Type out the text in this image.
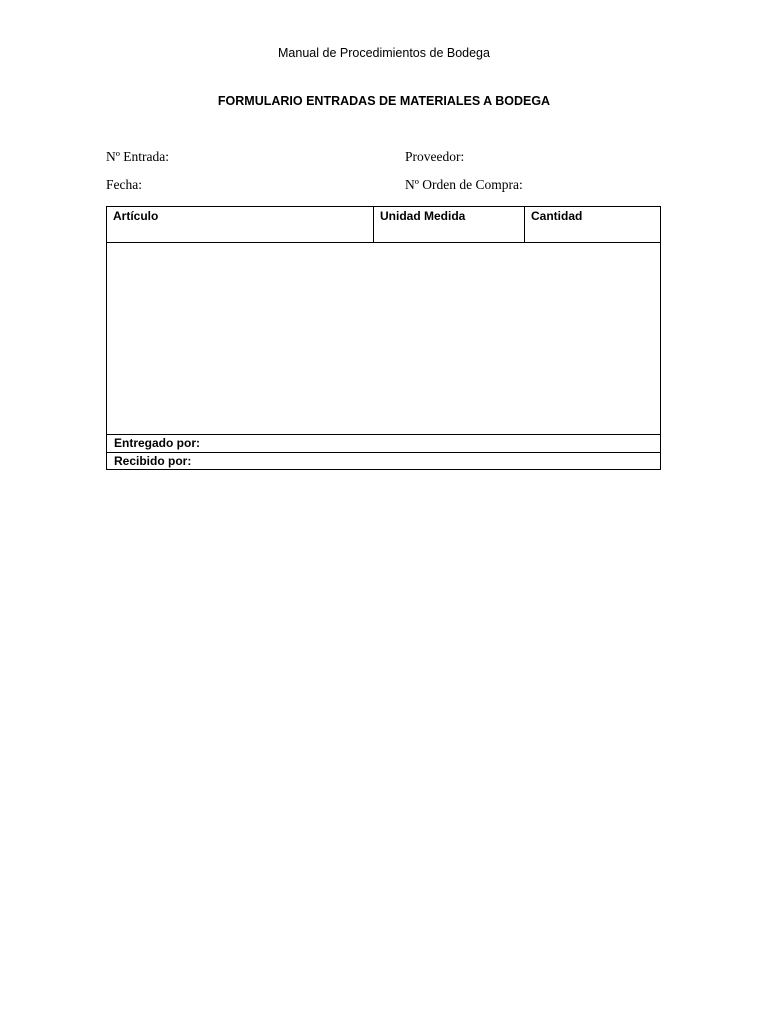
Manual de Procedimientos de Bodega
FORMULARIO ENTRADAS DE MATERIALES A BODEGA
Nº Entrada:	Proveedor:
Fecha:	Nº Orden de Compra:
Artículo	Unidad Medida	Cantidad
Entregado por:
Recibido por:
